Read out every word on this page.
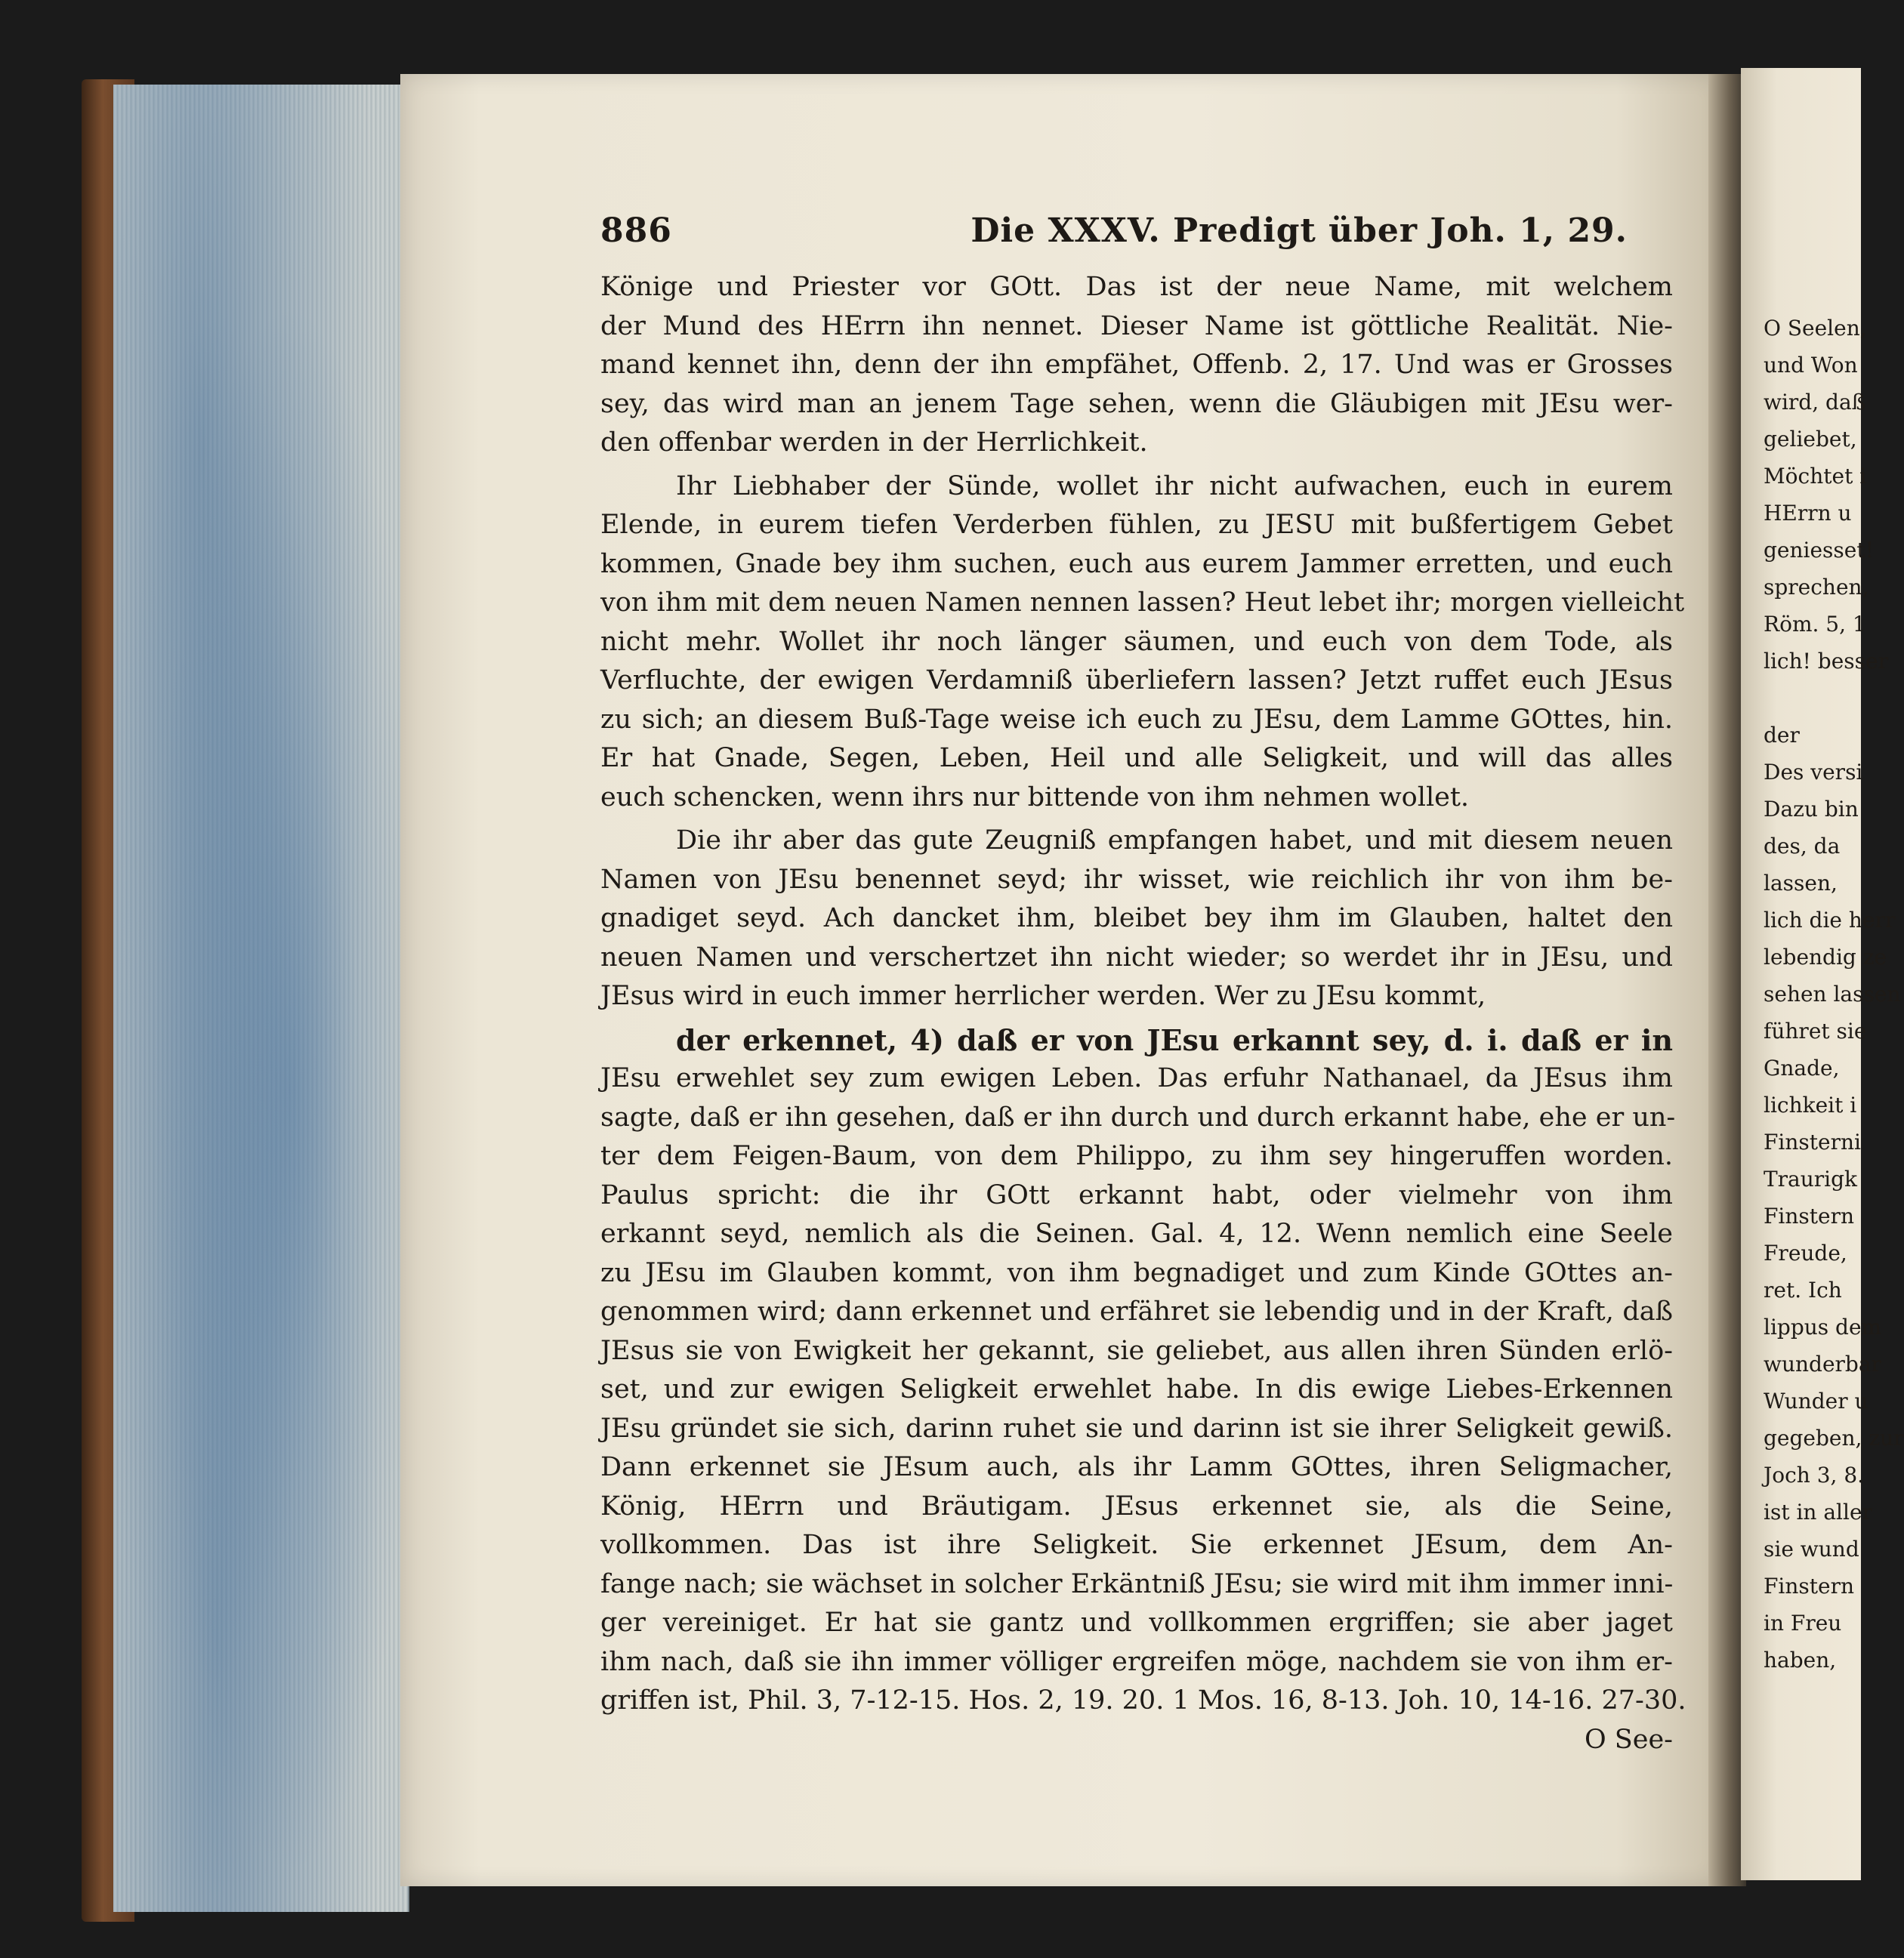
O Seelen,
und Won
wird, daß
geliebet,
Möchtet i
HErrn u
geniesset!
sprechen,
Röm. 5, 1
lich! besser
der
Des versi
Dazu bin
des, da
lassen,
lich die herr
lebendig ze
sehen lassen
führet sie
Gnade,
lichkeit i
Finsterni
Traurigk
Finstern
Freude,
ret. Ich
lippus dem
wunderbar
Wunder u
gegeben, zur
Joch 3, 8.
ist in aller
sie wund
Finstern
in Freu
haben,
886	Die XXXV. Predigt über Joh. 1, 29.
Könige und Priester vor GOtt. Das ist der neue Name, mit welchem
der Mund des HErrn ihn nennet. Dieser Name ist göttliche Realität. Nie-
mand kennet ihn, denn der ihn empfähet, Offenb. 2, 17. Und was er Grosses
sey, das wird man an jenem Tage sehen, wenn die Gläubigen mit JEsu wer-
den offenbar werden in der Herrlichkeit.
Ihr Liebhaber der Sünde, wollet ihr nicht aufwachen, euch in eurem
Elende, in eurem tiefen Verderben fühlen, zu JESU mit bußfertigem Gebet
kommen, Gnade bey ihm suchen, euch aus eurem Jammer erretten, und euch
von ihm mit dem neuen Namen nennen lassen? Heut lebet ihr; morgen vielleicht
nicht mehr. Wollet ihr noch länger säumen, und euch von dem Tode, als
Verfluchte, der ewigen Verdamniß überliefern lassen? Jetzt ruffet euch JEsus
zu sich; an diesem Buß-Tage weise ich euch zu JEsu, dem Lamme GOttes, hin.
Er hat Gnade, Segen, Leben, Heil und alle Seligkeit, und will das alles
euch schencken, wenn ihrs nur bittende von ihm nehmen wollet.
Die ihr aber das gute Zeugniß empfangen habet, und mit diesem neuen
Namen von JEsu benennet seyd; ihr wisset, wie reichlich ihr von ihm be-
gnadiget seyd. Ach dancket ihm, bleibet bey ihm im Glauben, haltet den
neuen Namen und verschertzet ihn nicht wieder; so werdet ihr in JEsu, und
JEsus wird in euch immer herrlicher werden. Wer zu JEsu kommt,
der erkennet, 4) daß er von JEsu erkannt sey, d. i. daß er in
JEsu erwehlet sey zum ewigen Leben. Das erfuhr Nathanael, da JEsus ihm
sagte, daß er ihn gesehen, daß er ihn durch und durch erkannt habe, ehe er un-
ter dem Feigen-Baum, von dem Philippo, zu ihm sey hingeruffen worden.
Paulus spricht: die ihr GOtt erkannt habt, oder vielmehr von ihm
erkannt seyd, nemlich als die Seinen. Gal. 4, 12. Wenn nemlich eine Seele
zu JEsu im Glauben kommt, von ihm begnadiget und zum Kinde GOttes an-
genommen wird; dann erkennet und erfähret sie lebendig und in der Kraft, daß
JEsus sie von Ewigkeit her gekannt, sie geliebet, aus allen ihren Sünden erlö-
set, und zur ewigen Seligkeit erwehlet habe. In dis ewige Liebes-Erkennen
JEsu gründet sie sich, darinn ruhet sie und darinn ist sie ihrer Seligkeit gewiß.
Dann erkennet sie JEsum auch, als ihr Lamm GOttes, ihren Seligmacher,
König, HErrn und Bräutigam. JEsus erkennet sie, als die Seine,
vollkommen. Das ist ihre Seligkeit. Sie erkennet JEsum, dem An-
fange nach; sie wächset in solcher Erkäntniß JEsu; sie wird mit ihm immer inni-
ger vereiniget. Er hat sie gantz und vollkommen ergriffen; sie aber jaget
ihm nach, daß sie ihn immer völliger ergreifen möge, nachdem sie von ihm er-
griffen ist, Phil. 3, 7-12-15. Hos. 2, 19. 20. 1 Mos. 16, 8-13. Joh. 10, 14-16. 27-30.
O See-
